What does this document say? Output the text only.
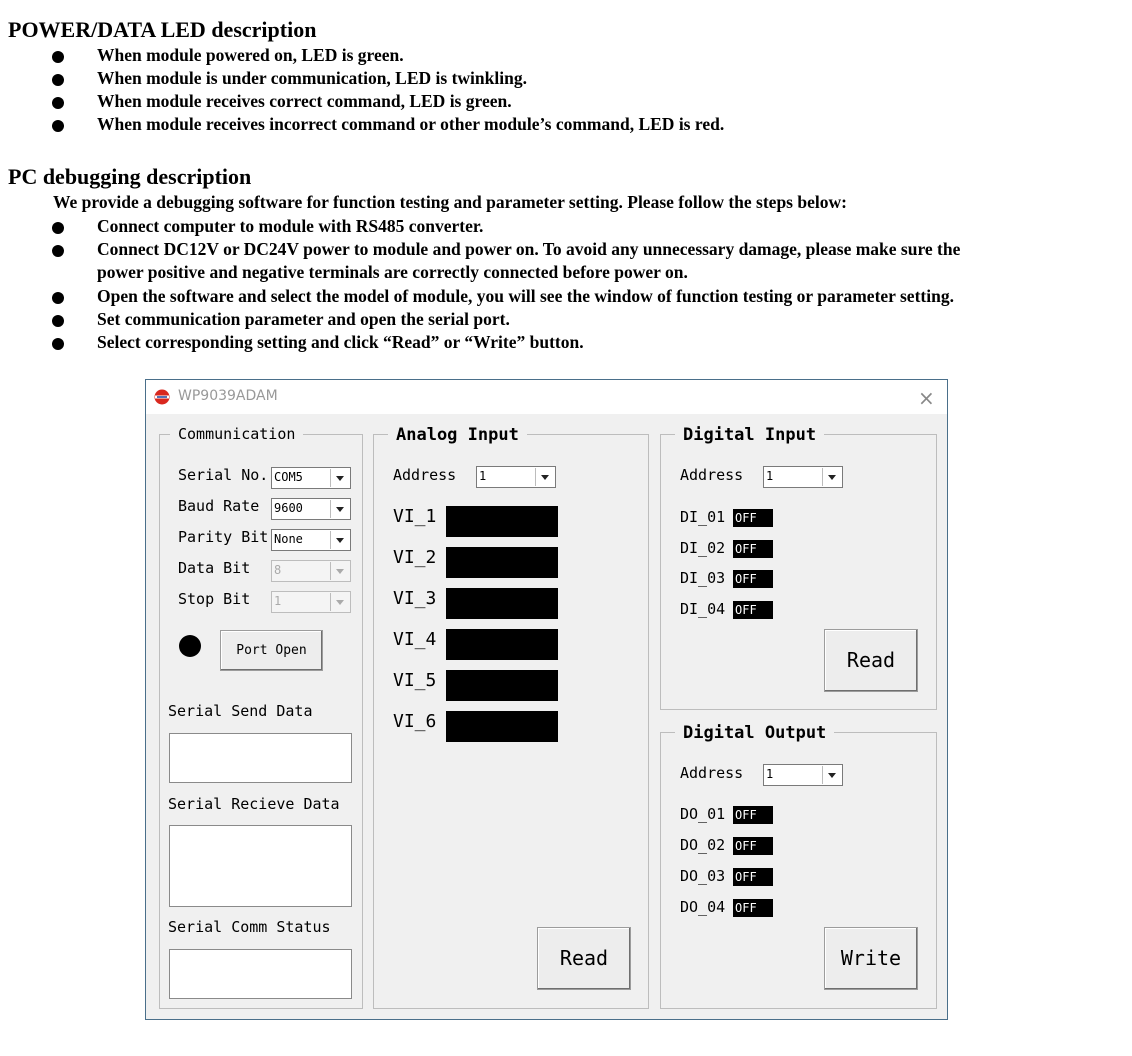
POWER/DATA LED description
When module powered on, LED is green.
When module is under communication, LED is twinkling.
When module receives correct command, LED is green.
When module receives incorrect command or other module’s command, LED is red.
PC debugging description
We provide a debugging software for function testing and parameter setting. Please follow the steps below:
Connect computer to module with RS485 converter.
Connect DC12V or DC24V power to module and power on. To avoid any unnecessary damage, please make sure the
power positive and negative terminals are correctly connected before power on.
Open the software and select the model of module, you will see the window of function testing or parameter setting.
Set communication parameter and open the serial port.
Select corresponding setting and click “Read” or “Write” button.
WP9039ADAM	×
Communication
Serial No. COM5
Baud Rate 9600
Parity Bit None
Data Bit 8
Stop Bit 1
Port Open
Serial Send Data
Serial Recieve Data
Serial Comm Status
Analog Input
Address 1
VI_1
VI_2
VI_3
VI_4
VI_5
VI_6
Read
Digital Input
Address 1
DI_01 OFF
DI_02 OFF
DI_03 OFF
DI_04 OFF
Read
Digital Output
Address 1
DO_01 OFF
DO_02 OFF
DO_03 OFF
DO_04 OFF
Write
